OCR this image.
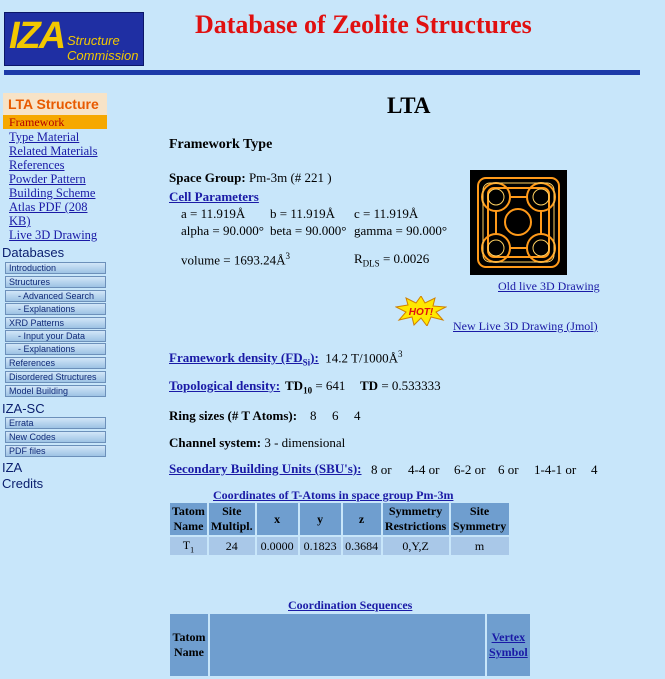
IZA Structure
Commission
Database of Zeolite Structures
LTA Structure
Framework
Type Material
Related Materials
References
Powder Pattern
Building Scheme
Atlas PDF (208
KB)
Live 3D Drawing
Databases
Introduction
Structures
- Advanced Search
- Explanations
XRD Patterns
- Input your Data
- Explanations
References
Disordered Structures
Model Building
IZA-SC
Errata
New Codes
PDF files
IZA
Credits
LTA
Framework Type
Space Group: Pm-3m (# 221 )
Cell Parameters
a = 11.919Å b = 11.919Å c = 11.919Å
alpha = 90.000° beta = 90.000° gamma = 90.000°
volume = $1693.24Å^3$	$R_{DLS} = 0.0026$
Old live 3D Drawing
HOT!
New Live 3D Drawing (Jmol)
Framework density $(FD_{Si})$: 14.2 $T/1000Å^3$
Topological density: $TD_{10} = 641$ TD = 0.533333
Ring sizes (# T Atoms): 8 6 4
Channel system: 3 - dimensional
Secondary Building Units (SBU's): 8 or 4-4 or 6-2 or 6 or 1-4-1 or 4
Coordinates of T-Atoms in space group Pm-3m
Tatom Name	Site Multipl.	x	y	z	Symmetry Restrictions	Site Symmetry
$T_1$	24	0.0000	0.1823	0.3684	0,Y,Z	m
Coordination Sequences
Tatom Name		Vertex Symbol
